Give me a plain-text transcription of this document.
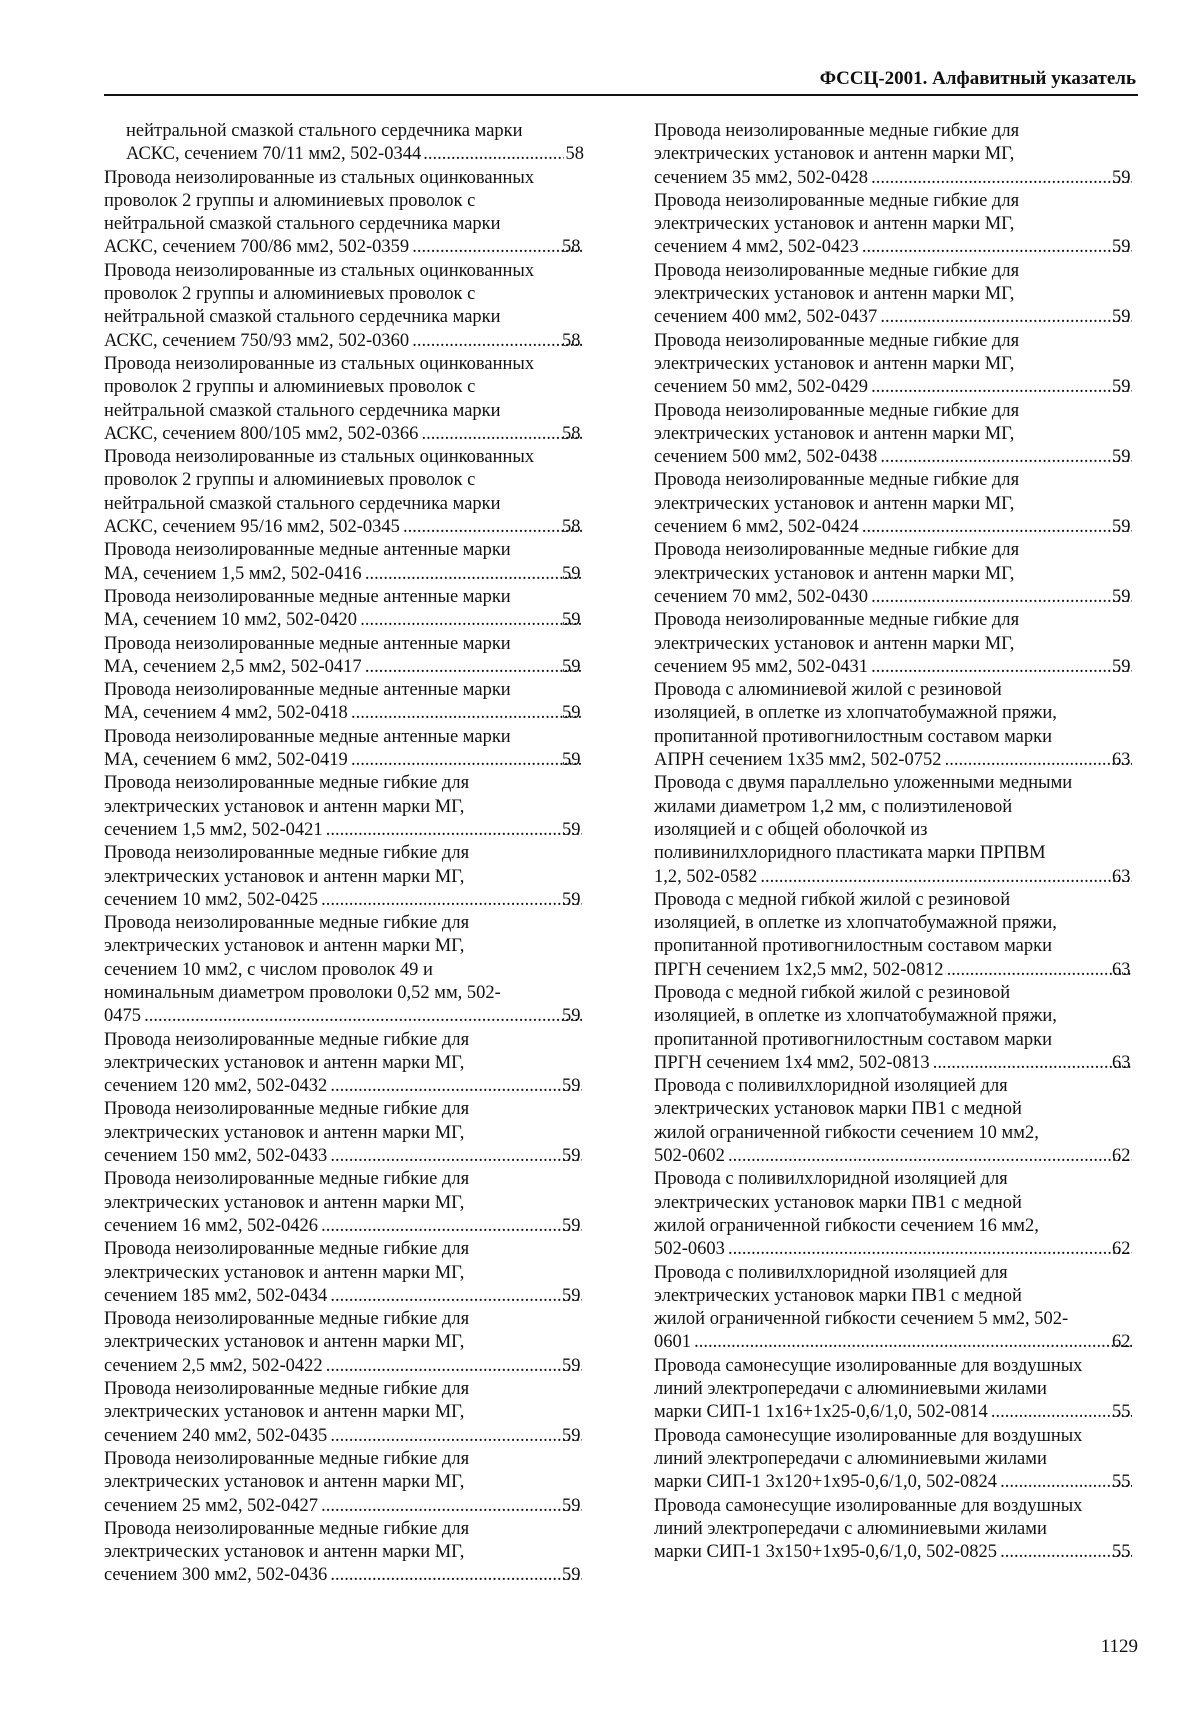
ФССЦ-2001. Алфавитный указатель

нейтральной смазкой стального сердечника марки
АСКС, сечением 70/11 мм2, 502-0344 .....	58

Провода неизолированные из стальных оцинкованных
проволок 2 группы и алюминиевых проволок с
нейтральной смазкой стального сердечника марки
АСКС, сечением 700/86 мм2, 502-0359 .....	58

Провода неизолированные из стальных оцинкованных
проволок 2 группы и алюминиевых проволок с
нейтральной смазкой стального сердечника марки
АСКС, сечением 750/93 мм2, 502-0360 .....	58

Провода неизолированные из стальных оцинкованных
проволок 2 группы и алюминиевых проволок с
нейтральной смазкой стального сердечника марки
АСКС, сечением 800/105 мм2, 502-0366 .....	58

Провода неизолированные из стальных оцинкованных
проволок 2 группы и алюминиевых проволок с
нейтральной смазкой стального сердечника марки
АСКС, сечением 95/16 мм2, 502-0345 .....	58

Провода неизолированные медные антенные марки
МА, сечением 1,5 мм2, 502-0416 .....	59

Провода неизолированные медные антенные марки
МА, сечением 10 мм2, 502-0420 .....	59

Провода неизолированные медные антенные марки
МА, сечением 2,5 мм2, 502-0417 .....	59

Провода неизолированные медные антенные марки
МА, сечением 4 мм2, 502-0418 .....	59

Провода неизолированные медные антенные марки
МА, сечением 6 мм2, 502-0419 .....	59

Провода неизолированные медные гибкие для
электрических установок и антенн марки МГ,
сечением 1,5 мм2, 502-0421 .....	59

Провода неизолированные медные гибкие для
электрических установок и антенн марки МГ,
сечением 10 мм2, 502-0425 .....	59

Провода неизолированные медные гибкие для
электрических установок и антенн марки МГ,
сечением 10 мм2, с числом проволок 49 и
номинальным диаметром проволоки 0,52 мм, 502-
0475 .....	59

Провода неизолированные медные гибкие для
электрических установок и антенн марки МГ,
сечением 120 мм2, 502-0432 .....	59

Провода неизолированные медные гибкие для
электрических установок и антенн марки МГ,
сечением 150 мм2, 502-0433 .....	59

Провода неизолированные медные гибкие для
электрических установок и антенн марки МГ,
сечением 16 мм2, 502-0426 .....	59

Провода неизолированные медные гибкие для
электрических установок и антенн марки МГ,
сечением 185 мм2, 502-0434 .....	59

Провода неизолированные медные гибкие для
электрических установок и антенн марки МГ,
сечением 2,5 мм2, 502-0422 .....	59

Провода неизолированные медные гибкие для
электрических установок и антенн марки МГ,
сечением 240 мм2, 502-0435 .....	59

Провода неизолированные медные гибкие для
электрических установок и антенн марки МГ,
сечением 25 мм2, 502-0427 .....	59

Провода неизолированные медные гибкие для
электрических установок и антенн марки МГ,
сечением 300 мм2, 502-0436 .....	59

Провода неизолированные медные гибкие для
электрических установок и антенн марки МГ,
сечением 35 мм2, 502-0428 .....	59

Провода неизолированные медные гибкие для
электрических установок и антенн марки МГ,
сечением 4 мм2, 502-0423 .....	59

Провода неизолированные медные гибкие для
электрических установок и антенн марки МГ,
сечением 400 мм2, 502-0437 .....	59

Провода неизолированные медные гибкие для
электрических установок и антенн марки МГ,
сечением 50 мм2, 502-0429 .....	59

Провода неизолированные медные гибкие для
электрических установок и антенн марки МГ,
сечением 500 мм2, 502-0438 .....	59

Провода неизолированные медные гибкие для
электрических установок и антенн марки МГ,
сечением 6 мм2, 502-0424 .....	59

Провода неизолированные медные гибкие для
электрических установок и антенн марки МГ,
сечением 70 мм2, 502-0430 .....	59

Провода неизолированные медные гибкие для
электрических установок и антенн марки МГ,
сечением 95 мм2, 502-0431 .....	59

Провода с алюминиевой жилой с резиновой
изоляцией, в оплетке из хлопчатобумажной пряжи,
пропитанной противогнилостным составом марки
АПРН сечением 1х35 мм2, 502-0752 .....	63

Провода с двумя параллельно уложенными медными
жилами диаметром 1,2 мм, с полиэтиленовой
изоляцией и с общей оболочкой из
поливинилхлоридного пластиката марки ПРПВМ
1,2, 502-0582 .....	63

Провода с медной гибкой жилой с резиновой
изоляцией, в оплетке из хлопчатобумажной пряжи,
пропитанной противогнилостным составом марки
ПРГН сечением 1х2,5 мм2, 502-0812 .....	63

Провода с медной гибкой жилой с резиновой
изоляцией, в оплетке из хлопчатобумажной пряжи,
пропитанной противогнилостным составом марки
ПРГН сечением 1х4 мм2, 502-0813 .....	63

Провода с поливилхлоридной изоляцией для
электрических установок марки ПВ1 с медной
жилой ограниченной гибкости сечением 10 мм2,
502-0602 .....	62

Провода с поливилхлоридной изоляцией для
электрических установок марки ПВ1 с медной
жилой ограниченной гибкости сечением 16 мм2,
502-0603 .....	62

Провода с поливилхлоридной изоляцией для
электрических установок марки ПВ1 с медной
жилой ограниченной гибкости сечением 5 мм2, 502-
0601 .....	62

Провода самонесущие изолированные для воздушных
линий электропередачи с алюминиевыми жилами
марки СИП-1 1х16+1х25-0,6/1,0, 502-0814 .....	55

Провода самонесущие изолированные для воздушных
линий электропередачи с алюминиевыми жилами
марки СИП-1 3х120+1х95-0,6/1,0, 502-0824 .....	55

Провода самонесущие изолированные для воздушных
линий электропередачи с алюминиевыми жилами
марки СИП-1 3х150+1х95-0,6/1,0, 502-0825 .....	55

1129
